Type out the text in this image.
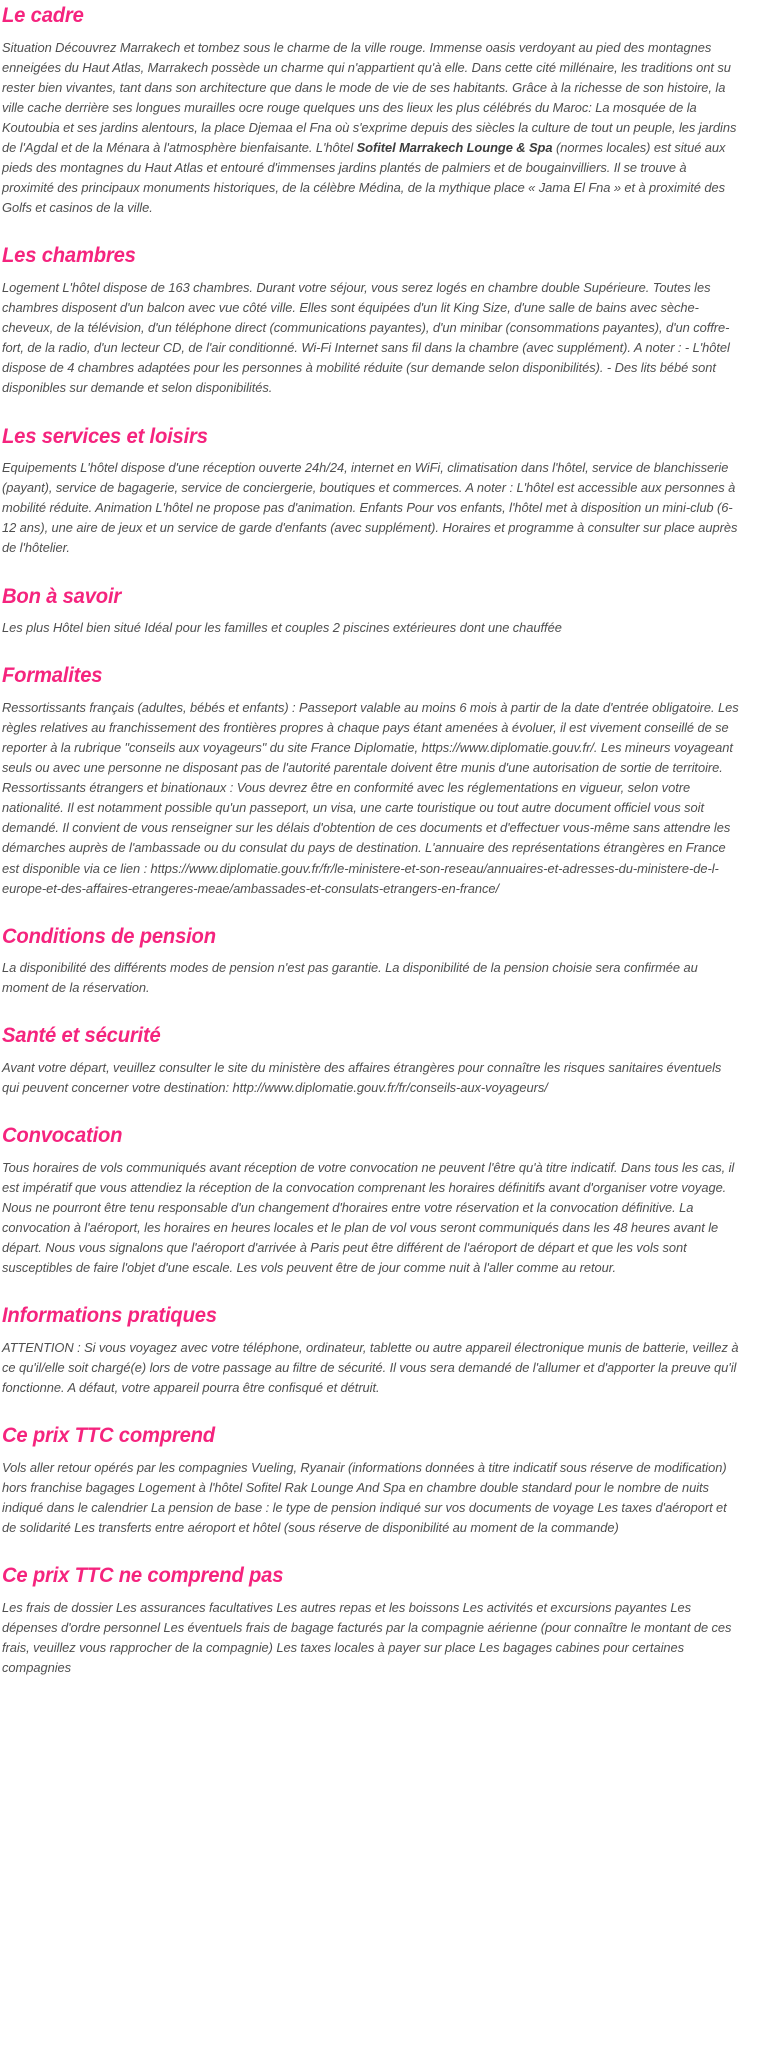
Le cadre

Situation Découvrez Marrakech et tombez sous le charme de la ville rouge. Immense oasis verdoyant au pied des montagnes enneigées du Haut Atlas, Marrakech possède un charme qui n'appartient qu'à elle. Dans cette cité millénaire, les traditions ont su rester bien vivantes, tant dans son architecture que dans le mode de vie de ses habitants. Grâce à la richesse de son histoire, la ville cache derrière ses longues murailles ocre rouge quelques uns des lieux les plus célébrés du Maroc: La mosquée de la Koutoubia et ses jardins alentours, la place Djemaa el Fna où s'exprime depuis des siècles la culture de tout un peuple, les jardins de l'Agdal et de la Ménara à l'atmosphère bienfaisante. L'hôtel Sofitel Marrakech Lounge & Spa (normes locales) est situé aux pieds des montagnes du Haut Atlas et entouré d'immenses jardins plantés de palmiers et de bougainvilliers. Il se trouve à proximité des principaux monuments historiques, de la célèbre Médina, de la mythique place « Jama El Fna » et à proximité des Golfs et casinos de la ville.

Les chambres

Logement L'hôtel dispose de 163 chambres. Durant votre séjour, vous serez logés en chambre double Supérieure. Toutes les chambres disposent d'un balcon avec vue côté ville. Elles sont équipées d'un lit King Size, d'une salle de bains avec sèche-cheveux, de la télévision, d'un téléphone direct (communications payantes), d'un minibar (consommations payantes), d'un coffre-fort, de la radio, d'un lecteur CD, de l'air conditionné. Wi-Fi Internet sans fil dans la chambre (avec supplément). A noter : - L'hôtel dispose de 4 chambres adaptées pour les personnes à mobilité réduite (sur demande selon disponibilités). - Des lits bébé sont disponibles sur demande et selon disponibilités.

Les services et loisirs

Equipements L'hôtel dispose d'une réception ouverte 24h/24, internet en WiFi, climatisation dans l'hôtel, service de blanchisserie (payant), service de bagagerie, service de conciergerie, boutiques et commerces. A noter : L'hôtel est accessible aux personnes à mobilité réduite. Animation L'hôtel ne propose pas d'animation. Enfants Pour vos enfants, l'hôtel met à disposition un mini-club (6-12 ans), une aire de jeux et un service de garde d'enfants (avec supplément). Horaires et programme à consulter sur place auprès de l'hôtelier.

Bon à savoir

Les plus Hôtel bien situé Idéal pour les familles et couples 2 piscines extérieures dont une chauffée

Formalites

Ressortissants français (adultes, bébés et enfants) : Passeport valable au moins 6 mois à partir de la date d'entrée obligatoire. Les règles relatives au franchissement des frontières propres à chaque pays étant amenées à évoluer, il est vivement conseillé de se reporter à la rubrique "conseils aux voyageurs" du site France Diplomatie, https://www.diplomatie.gouv.fr/. Les mineurs voyageant seuls ou avec une personne ne disposant pas de l'autorité parentale doivent être munis d'une autorisation de sortie de territoire. Ressortissants étrangers et binationaux : Vous devrez être en conformité avec les réglementations en vigueur, selon votre nationalité. Il est notamment possible qu'un passeport, un visa, une carte touristique ou tout autre document officiel vous soit demandé. Il convient de vous renseigner sur les délais d'obtention de ces documents et d'effectuer vous-même sans attendre les démarches auprès de l'ambassade ou du consulat du pays de destination. L'annuaire des représentations étrangères en France est disponible via ce lien : https://www.diplomatie.gouv.fr/fr/le-ministere-et-son-reseau/annuaires-et-adresses-du-ministere-de-l-europe-et-des-affaires-etrangeres-meae/ambassades-et-consulats-etrangers-en-france/

Conditions de pension

La disponibilité des différents modes de pension n'est pas garantie. La disponibilité de la pension choisie sera confirmée au moment de la réservation.

Santé et sécurité

Avant votre départ, veuillez consulter le site du ministère des affaires étrangères pour connaître les risques sanitaires éventuels qui peuvent concerner votre destination: http://www.diplomatie.gouv.fr/fr/conseils-aux-voyageurs/

Convocation

Tous horaires de vols communiqués avant réception de votre convocation ne peuvent l'être qu'à titre indicatif. Dans tous les cas, il est impératif que vous attendiez la réception de la convocation comprenant les horaires définitifs avant d'organiser votre voyage. Nous ne pourront être tenu responsable d'un changement d'horaires entre votre réservation et la convocation définitive. La convocation à l'aéroport, les horaires en heures locales et le plan de vol vous seront communiqués dans les 48 heures avant le départ. Nous vous signalons que l'aéroport d'arrivée à Paris peut être différent de l'aéroport de départ et que les vols sont susceptibles de faire l'objet d'une escale. Les vols peuvent être de jour comme nuit à l'aller comme au retour.

Informations pratiques

ATTENTION : Si vous voyagez avec votre téléphone, ordinateur, tablette ou autre appareil électronique munis de batterie, veillez à ce qu'il/elle soit chargé(e) lors de votre passage au filtre de sécurité. Il vous sera demandé de l'allumer et d'apporter la preuve qu'il fonctionne. A défaut, votre appareil pourra être confisqué et détruit.

Ce prix TTC comprend

Vols aller retour opérés par les compagnies Vueling, Ryanair (informations données à titre indicatif sous réserve de modification) hors franchise bagages Logement à l'hôtel Sofitel Rak Lounge And Spa en chambre double standard pour le nombre de nuits indiqué dans le calendrier La pension de base : le type de pension indiqué sur vos documents de voyage Les taxes d'aéroport et de solidarité Les transferts entre aéroport et hôtel (sous réserve de disponibilité au moment de la commande)

Ce prix TTC ne comprend pas

Les frais de dossier Les assurances facultatives Les autres repas et les boissons Les activités et excursions payantes Les dépenses d'ordre personnel Les éventuels frais de bagage facturés par la compagnie aérienne (pour connaître le montant de ces frais, veuillez vous rapprocher de la compagnie) Les taxes locales à payer sur place Les bagages cabines pour certaines compagnies
